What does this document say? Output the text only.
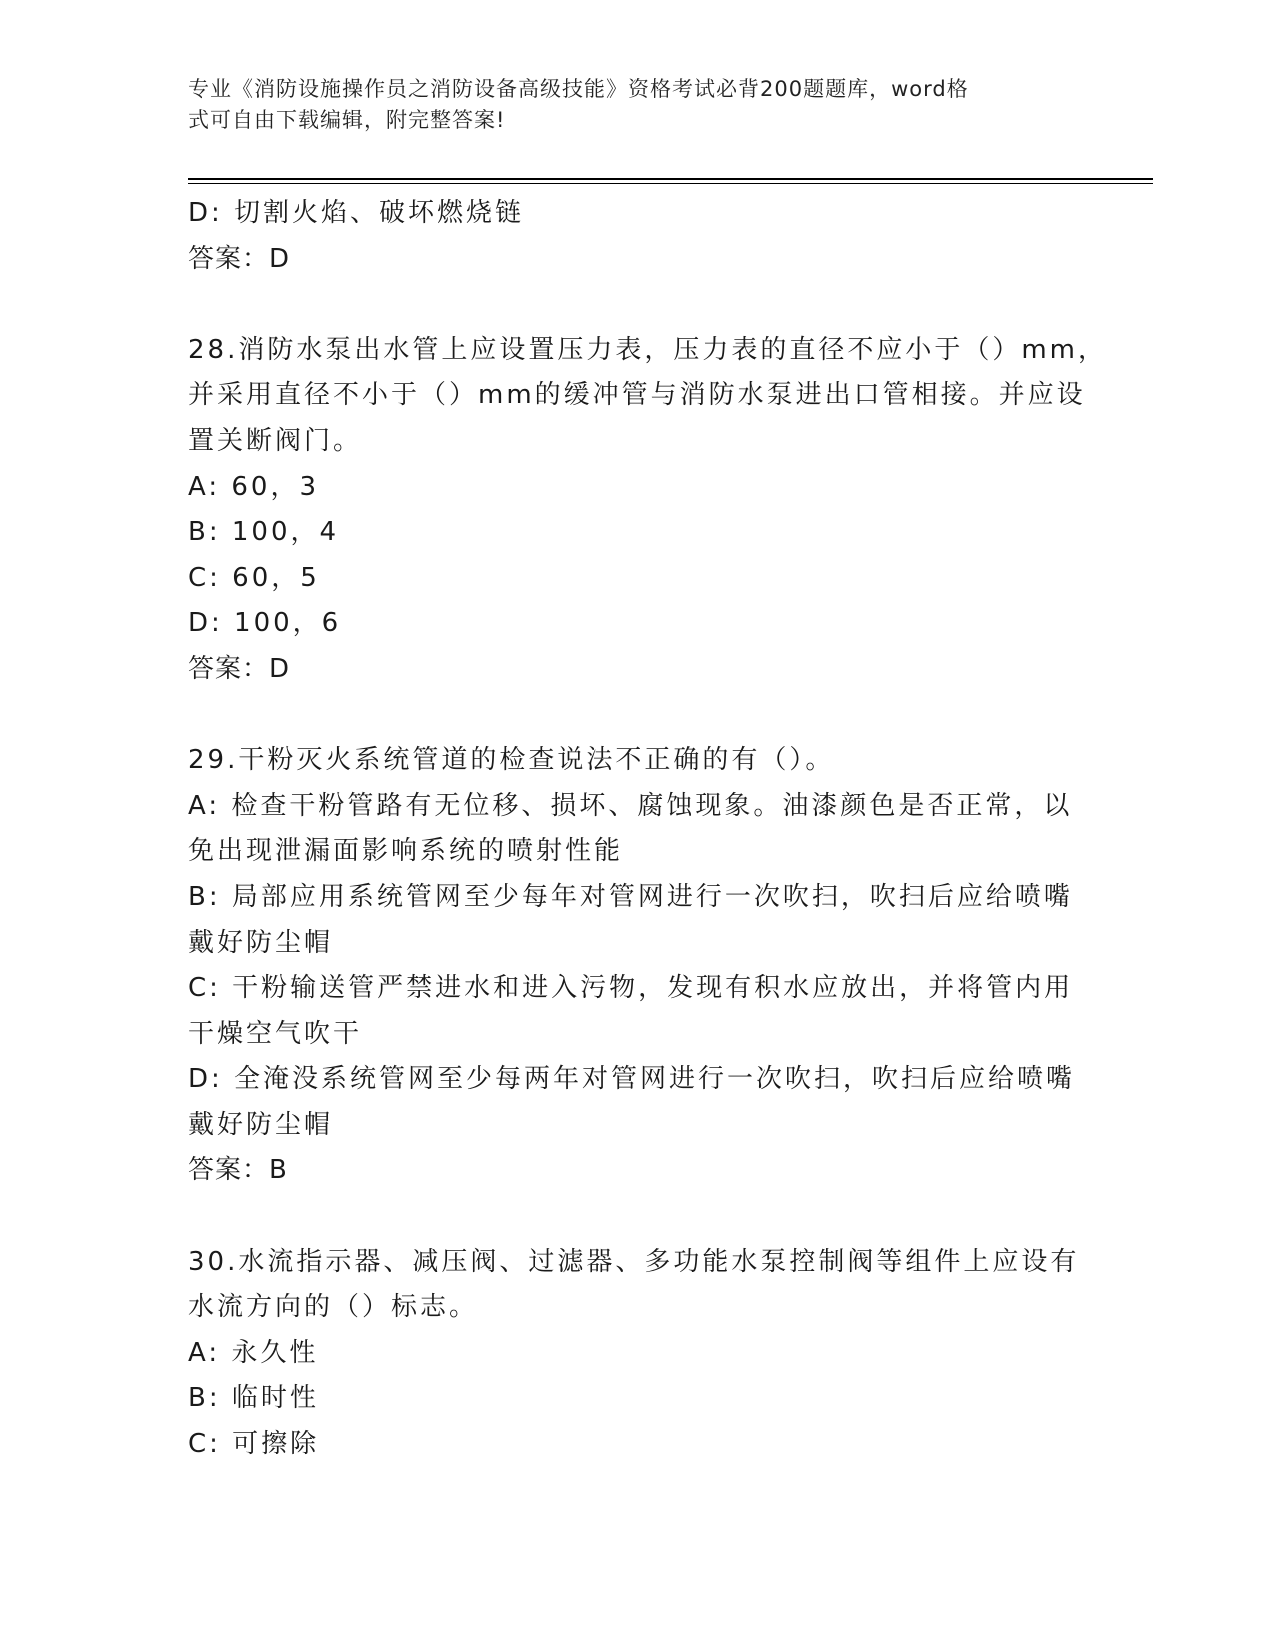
专业《消防设施操作员之消防设备高级技能》资格考试必背200题题库，word格
式可自由下载编辑，附完整答案!
D: 切割火焰、破坏燃烧链
答案：D
28.消防水泵出水管上应设置压力表，压力表的直径不应小于（）mm，
并采用直径不小于（）mm的缓冲管与消防水泵进出口管相接。并应设
置关断阀门。
A: 60，3
B: 100，4
C: 60，5
D: 100，6
答案：D
29.干粉灭火系统管道的检查说法不正确的有（）。
A: 检查干粉管路有无位移、损坏、腐蚀现象。油漆颜色是否正常，以
免出现泄漏面影响系统的喷射性能
B: 局部应用系统管网至少每年对管网进行一次吹扫，吹扫后应给喷嘴
戴好防尘帽
C: 干粉输送管严禁进水和进入污物，发现有积水应放出，并将管内用
干燥空气吹干
D: 全淹没系统管网至少每两年对管网进行一次吹扫，吹扫后应给喷嘴
戴好防尘帽
答案：B
30.水流指示器、减压阀、过滤器、多功能水泵控制阀等组件上应设有
水流方向的（）标志。
A: 永久性
B: 临时性
C: 可擦除
